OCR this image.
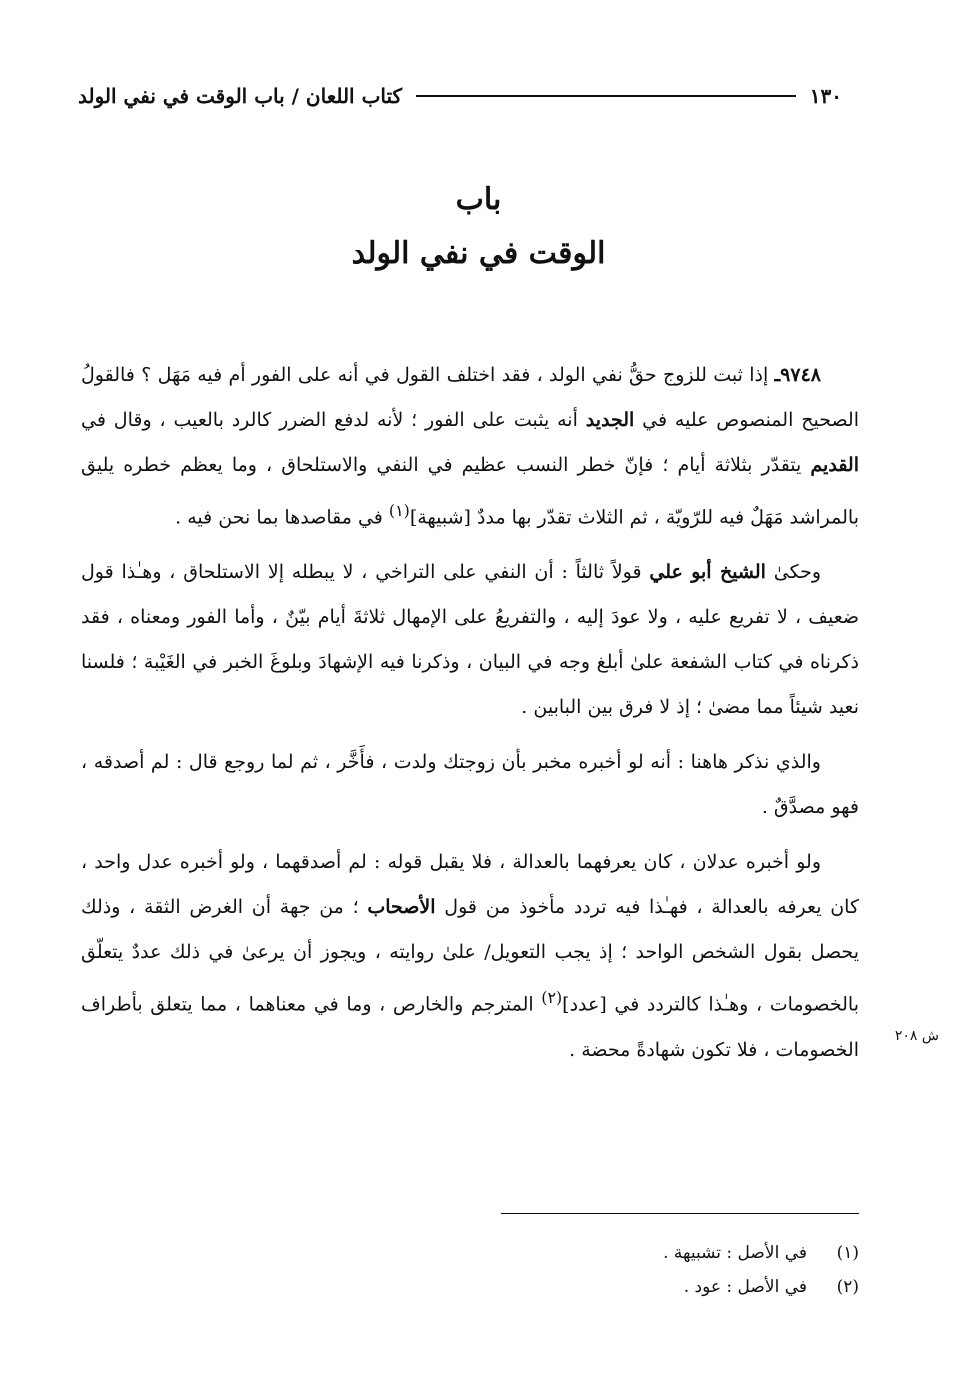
١٣٠
كتاب اللعان / باب الوقت في نفي الولد
باب
الوقت في نفي الولد

٩٧٤٨ـ إذا ثبت للزوج حقُّ نفي الولد ، فقد اختلف القول في أنه على الفور أم فيه مَهَل ؟ فالقولُ الصحيح المنصوص عليه في الجديد أنه يثبت على الفور ؛ لأنه لدفع الضرر كالرد بالعيب ، وقال في القديم يتقدّر بثلاثة أيام ؛ فإنّ خطر النسب عظيم في النفي والاستلحاق ، وما يعظم خطره يليق بالمراشد مَهَلٌ فيه للرّويّة ، ثم الثلاث تقدّر بها مددٌ [شبيهة]$^{(١)}$ في مقاصدها بما نحن فيه .

وحكىٰ الشيخ أبو علي قولاً ثالثاً : أن النفي على التراخي ، لا يبطله إلا الاستلحاق ، وهـٰذا قول ضعيف ، لا تفريع عليه ، ولا عودَ إليه ، والتفريعُ على الإمهال ثلاثةَ أيام بيّنٌ ، وأما الفور ومعناه ، فقد ذكرناه في كتاب الشفعة علىٰ أبلغ وجه في البيان ، وذكرنا فيه الإشهادَ وبلوغَ الخبر في الغَيْبة ؛ فلسنا نعيد شيئاً مما مضىٰ ؛ إذ لا فرق بين البابين .

والذي نذكر هاهنا : أنه لو أخبره مخبر بأن زوجتك ولدت ، فأَخَّر ، ثم لما روجع قال : لم أصدقه ، فهو مصدَّقٌ .

ولو أخبره عدلان ، كان يعرفهما بالعدالة ، فلا يقبل قوله : لم أصدقهما ، ولو أخبره عدل واحد ، كان يعرفه بالعدالة ، فهـٰذا فيه تردد مأخوذ من قول الأصحاب ؛ من جهة أن الغرض الثقة ، وذلك يحصل بقول الشخص الواحد ؛ إذ يجب التعويل/ علىٰ روايته ، ويجوز أن يرعىٰ في ذلك عددٌ يتعلّق بالخصومات ، وهـٰذا كالتردد في [عدد]$^{(٢)}$ المترجم والخارص ، وما في معناهما ، مما يتعلق بأطراف الخصومات ، فلا تكون شهادةً محضة .

ش ٢٠٨
(١)
في الأصل : تشبيهة .
(٢)
في الأصل : عود .
